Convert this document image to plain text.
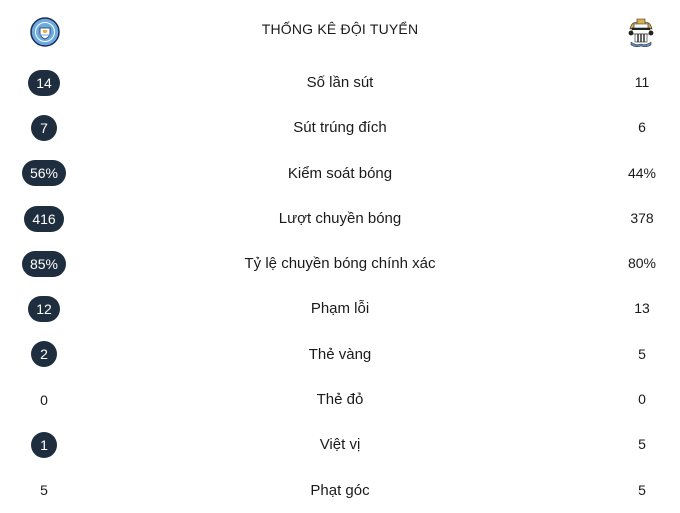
THỐNG KÊ ĐỘI TUYỂN
14	Số lần sút	11
7	Sút trúng đích	6
56%	Kiểm soát bóng	44%
416	Lượt chuyền bóng	378
85%	Tỷ lệ chuyền bóng chính xác	80%
12	Phạm lỗi	13
2	Thẻ vàng	5
0	Thẻ đỏ	0
1	Việt vị	5
5	Phạt góc	5
